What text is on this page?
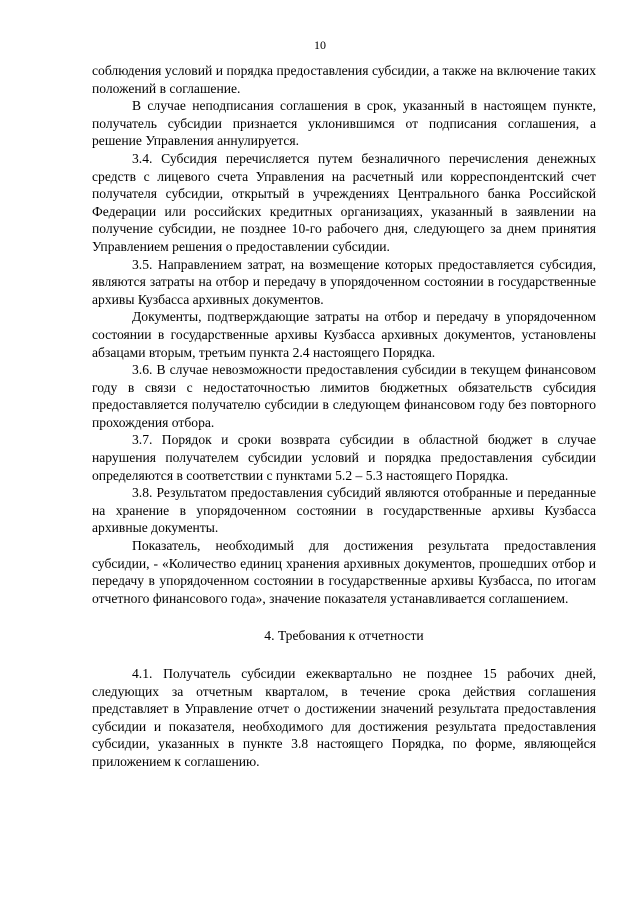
10

соблюдения условий и порядка предоставления субсидии, а также на включение таких положений в соглашение.

В случае неподписания соглашения в срок, указанный в настоящем пункте, получатель субсидии признается уклонившимся от подписания соглашения, а решение Управления аннулируется.

3.4. Субсидия перечисляется путем безналичного перечисления денежных средств с лицевого счета Управления на расчетный или корреспондентский счет получателя субсидии, открытый в учреждениях Центрального банка Российской Федерации или российских кредитных организациях, указанный в заявлении на получение субсидии, не позднее 10-го рабочего дня, следующего за днем принятия Управлением решения о предоставлении субсидии.

3.5. Направлением затрат, на возмещение которых предоставляется субсидия, являются затраты на отбор и передачу в упорядоченном состоянии в государственные архивы Кузбасса архивных документов.

Документы, подтверждающие затраты на отбор и передачу в упорядоченном состоянии в государственные архивы Кузбасса архивных документов, установлены абзацами вторым, третьим пункта 2.4 настоящего Порядка.

3.6. В случае невозможности предоставления субсидии в текущем финансовом году в связи с недостаточностью лимитов бюджетных обязательств субсидия предоставляется получателю субсидии в следующем финансовом году без повторного прохождения отбора.

3.7. Порядок и сроки возврата субсидии в областной бюджет в случае нарушения получателем субсидии условий и порядка предоставления субсидии определяются в соответствии с пунктами 5.2 – 5.3 настоящего Порядка.

3.8. Результатом предоставления субсидий являются отобранные и переданные на хранение в упорядоченном состоянии в государственные архивы Кузбасса архивные документы.

Показатель, необходимый для достижения результата предоставления субсидии, - «Количество единиц хранения архивных документов, прошедших отбор и передачу в упорядоченном состоянии в государственные архивы Кузбасса, по итогам отчетного финансового года», значение показателя устанавливается соглашением.

4. Требования к отчетности

4.1. Получатель субсидии ежеквартально не позднее 15 рабочих дней, следующих за отчетным кварталом, в течение срока действия соглашения представляет в Управление отчет о достижении значений результата предоставления субсидии и показателя, необходимого для достижения результата предоставления субсидии, указанных в пункте 3.8 настоящего Порядка, по форме, являющейся приложением к соглашению.
